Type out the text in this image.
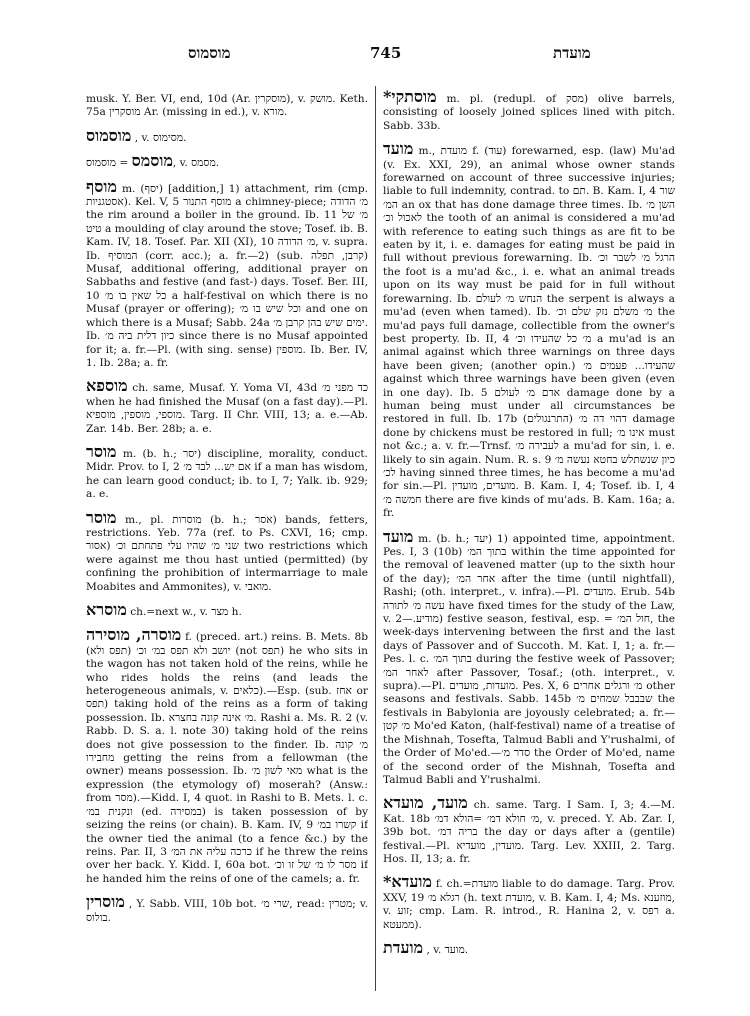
מוסמוס	745	מועדת

musk. Y. Ber. VI, end, 10d (Ar. מוסקרין), v. מושק. Keth. 75a מוסקרין Ar. (missing in ed.), v. מורא.

מוסמוס , v. מסימוס.

מוסמס = מוסמוס, v. מסמס.

מוסף m. (יסף) [addition,] 1) attachment, rim (cmp. אסטגניות). Kel. V, 5 מוסף התנור a chimney-piece; מ׳ הדודה the rim around a boiler in the ground. Ib. 11 מ׳ של טיט a moulding of clay around the stove; Tosef. ib. B. Kam. IV, 18. Tosef. Par. XII (XI), 10 מ׳ הדודה, v. supra. Ib. המוסיף (corr. acc.); a. fr.—2) (sub. קרבן, תפלה) Musaf, additional offering, additional prayer on Sabbaths and festive (and fast-) days. Tosef. Ber. III, 10 כל שאין בו מ׳ a half-festival on which there is no Musaf (prayer or offering); וכל שיש בו מ׳ and one on which there is a Musaf; Sabb. 24a ימים שיש בהן קרבן מ׳. Ib. כיון דלית ביה מ׳ since there is no Musaf appointed for it; a. fr.—Pl. (with sing. sense) מוספין. Ib. Ber. IV, 1. Ib. 28a; a. fr.

מוספא ch. same, Musaf. Y. Yoma VI, 43d כד מפני מ׳ when he had finished the Musaf (on a fast day).—Pl. מוספי, מוספין, מוספיא. Targ. II Chr. VIII, 13; a. e.—Ab. Zar. 14b. Ber. 28b; a. e.

מוסר m. (b. h.; יסר) discipline, morality, conduct. Midr. Prov. to I, 2 אם יש... לבד מ׳ if a man has wisdom, he can learn good conduct; ib. to I, 7; Yalk. ib. 929; a. e.

מוסר m., pl. מוסרות (b. h.; אסר) bands, fetters, restrictions. Yeb. 77a (ref. to Ps. CXVI, 16; cmp. אסור) שני מ׳ שהיו עלי פתחתם וכ׳ two restrictions which were against me thou hast untied (permitted) (by confining the prohibition of intermarriage to male Moabites and Ammonites), v. מואבי.

מוסרא ch.=next w., v. מצר h.

מוסרה, מוסירה f. (preced. art.) reins. B. Mets. 8b (תפס ולא) יושב ולא תפס במ׳ וכ׳ (not תפס) he who sits in the wagon has not taken hold of the reins, while he who rides holds the reins (and leads the heterogeneous animals, v. כלאים).—Esp. (sub. אחז or תפס) taking hold of the reins as a form of taking possession. Ib. מ׳ אינה קונה בחצרא. Rashi a. Ms. R. 2 (v. Rabb. D. S. a. l. note 30) taking hold of the reins does not give possession to the finder. Ib. מ׳ קונה מחבירו getting the reins from a fellowman (the owner) means possession. Ib. מאי לשון מ׳ what is the expression (the etymology of) moserah? (Answ.: from מסר).—Kidd. I, 4 quot. in Rashi to B. Mets. l. c. ונקנית במ׳ (ed. במסירה) is taken possession of by seizing the reins (or chain). B. Kam. IV, 9 קשרו במ׳ if the owner tied the animal (to a fence &c.) by the reins. Par. II, 3 כרכה עליה את המ׳ if he threw the reins over her back. Y. Kidd. I, 60a bot. מסר לו מ׳ של זו וכ׳ if he handed him the reins of one of the camels; a. fr.

מוסרין , Y. Sabb. VIII, 10b bot. שרי מ׳, read: מטרין; v. בולוס.

*מוסתקי m. pl. (redupl. of מסק) olive barrels, consisting of loosely joined splices lined with pitch. Sabb. 33b.

מועד m., מועדת f. (עוד) forewarned, esp. (law) Mu'ad (v. Ex. XXI, 29), an animal whose owner stands forewarned on account of three successive injuries; liable to full indemnity, contrad. to תם. B. Kam. I, 4 שור המ׳ an ox that has done damage three times. Ib. השן מ׳ לאכול וכ׳ the tooth of an animal is considered a mu'ad with reference to eating such things as are fit to be eaten by it, i. e. damages for eating must be paid in full without previous forewarning. Ib. הרגל מ׳ לשבר וכ׳ the foot is a mu'ad &c., i. e. what an animal treads upon on its way must be paid for in full without forewarning. Ib. הנחש מ׳ לעולם the serpent is always a mu'ad (even when tamed). Ib. מ׳ משלם נזק שלם וכ׳ the mu'ad pays full damage, collectible from the owner's best property. Ib. II, 4 מ׳ כל שהעידו וכ׳ a mu'ad is an animal against which three warnings on three days have been given; (another opin.) שהעידו... פעמים מ׳ against which three warnings have been given (even in one day). Ib. 5 אדם מ׳ לעולם damage done by a human being must under all circumstances be restored in full. Ib. 17b (התרנגולים) דהוי דה מ׳ damage done by chickens must be restored in full; אינו מ׳ must not &c.; a. v. fr.—Trnsf. לעבירה מ׳ a mu'ad for sin, i. e. likely to sin again. Num. R. s. 9 כיון שנשתלש בחטא נעשה מ׳ לכ׳ having sinned three times, he has become a mu'ad for sin.—Pl. מועדים, מועדין. B. Kam. I, 4; Tosef. ib. I, 4 חמשה מ׳ there are five kinds of mu'ads. B. Kam. 16a; a. fr.

מועד m. (b. h.; יעד) 1) appointed time, appointment. Pes. I, 3 (10b) בתוך המ׳ within the time appointed for the removal of leavened matter (up to the sixth hour of the day); אחר המ׳ after the time (until nightfall), Rashi; (oth. interpret., v. infra).—Pl. מועדים. Erub. 54b עשה מ׳ לתורה have fixed times for the study of the Law, v. מודיע.—2) festive season, festival, esp. = חול המ׳, the week-days intervening between the first and the last days of Passover and of Succoth. M. Kat. I, 1; a. fr.—Pes. l. c. בתוך המ׳ during the festive week of Passover; לאחר המ׳ after Passover, Tosaf.; (oth. interpret., v. supra).—Pl. מועדות, מועדים. Pes. X, 6 מ׳ ורגלים אחרים other seasons and festivals. Sabb. 145b שבבבל שמחים מ׳ the festivals in Babylonia are joyously celebrated; a. fr.—מ׳ קטן Mo'ed Katon, (half-festival) name of a treatise of the Mishnah, Tosefta, Talmud Babli and Y'rushalmi, of the Order of Mo'ed.—סדר מ׳ the Order of Mo'ed, name of the second order of the Mishnah, Tosefta and Talmud Babli and Y'rushalmi.

מועד, מועדא ch. same. Targ. I Sam. I, 3; 4.—M. Kat. 18b מ׳ חולא דמ׳ =הולא דמ׳, v. preced. Y. Ab. Zar. I, 39b bot. בריה דמ׳ the day or days after a (gentile) festival.—Pl. מועדין, מועדיא. Targ. Lev. XXIII, 2. Targ. Hos. II, 13; a. fr.

*מועדא f. ch.=מועדת liable to do damage. Targ. Prov. XXV, 19 רגלא מ׳ (h. text מועדת, v. B. Kam. I, 4; Ms. מוזענא, v. זוע; cmp. Lam. R. introd., R. Hanina 2, v. רפס a. ממעטא).

מועדת , v. מועד.
